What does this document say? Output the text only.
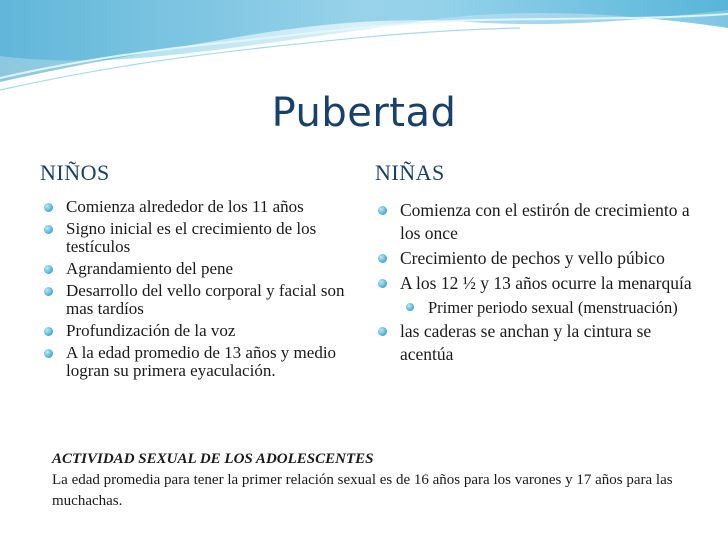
Pubertad
NIÑOS	NIÑAS
Comienza alrededor de los 11 años
Signo inicial es el crecimiento de los testículos
Agrandamiento del pene
Desarrollo del vello corporal y facial son mas tardíos
Profundización de la voz
A la edad promedio de 13 años y medio logran su primera eyaculación.
Comienza con el estirón de crecimiento a los once
Crecimiento de pechos y vello púbico
A los 12 ½ y 13 años ocurre la menarquía
Primer periodo sexual (menstruación)
las caderas se anchan y la cintura se acentúa

ACTIVIDAD SEXUAL DE LOS ADOLESCENTES

La edad promedia para tener la primer relación sexual es de 16 años para los varones y 17 años para las muchachas.
